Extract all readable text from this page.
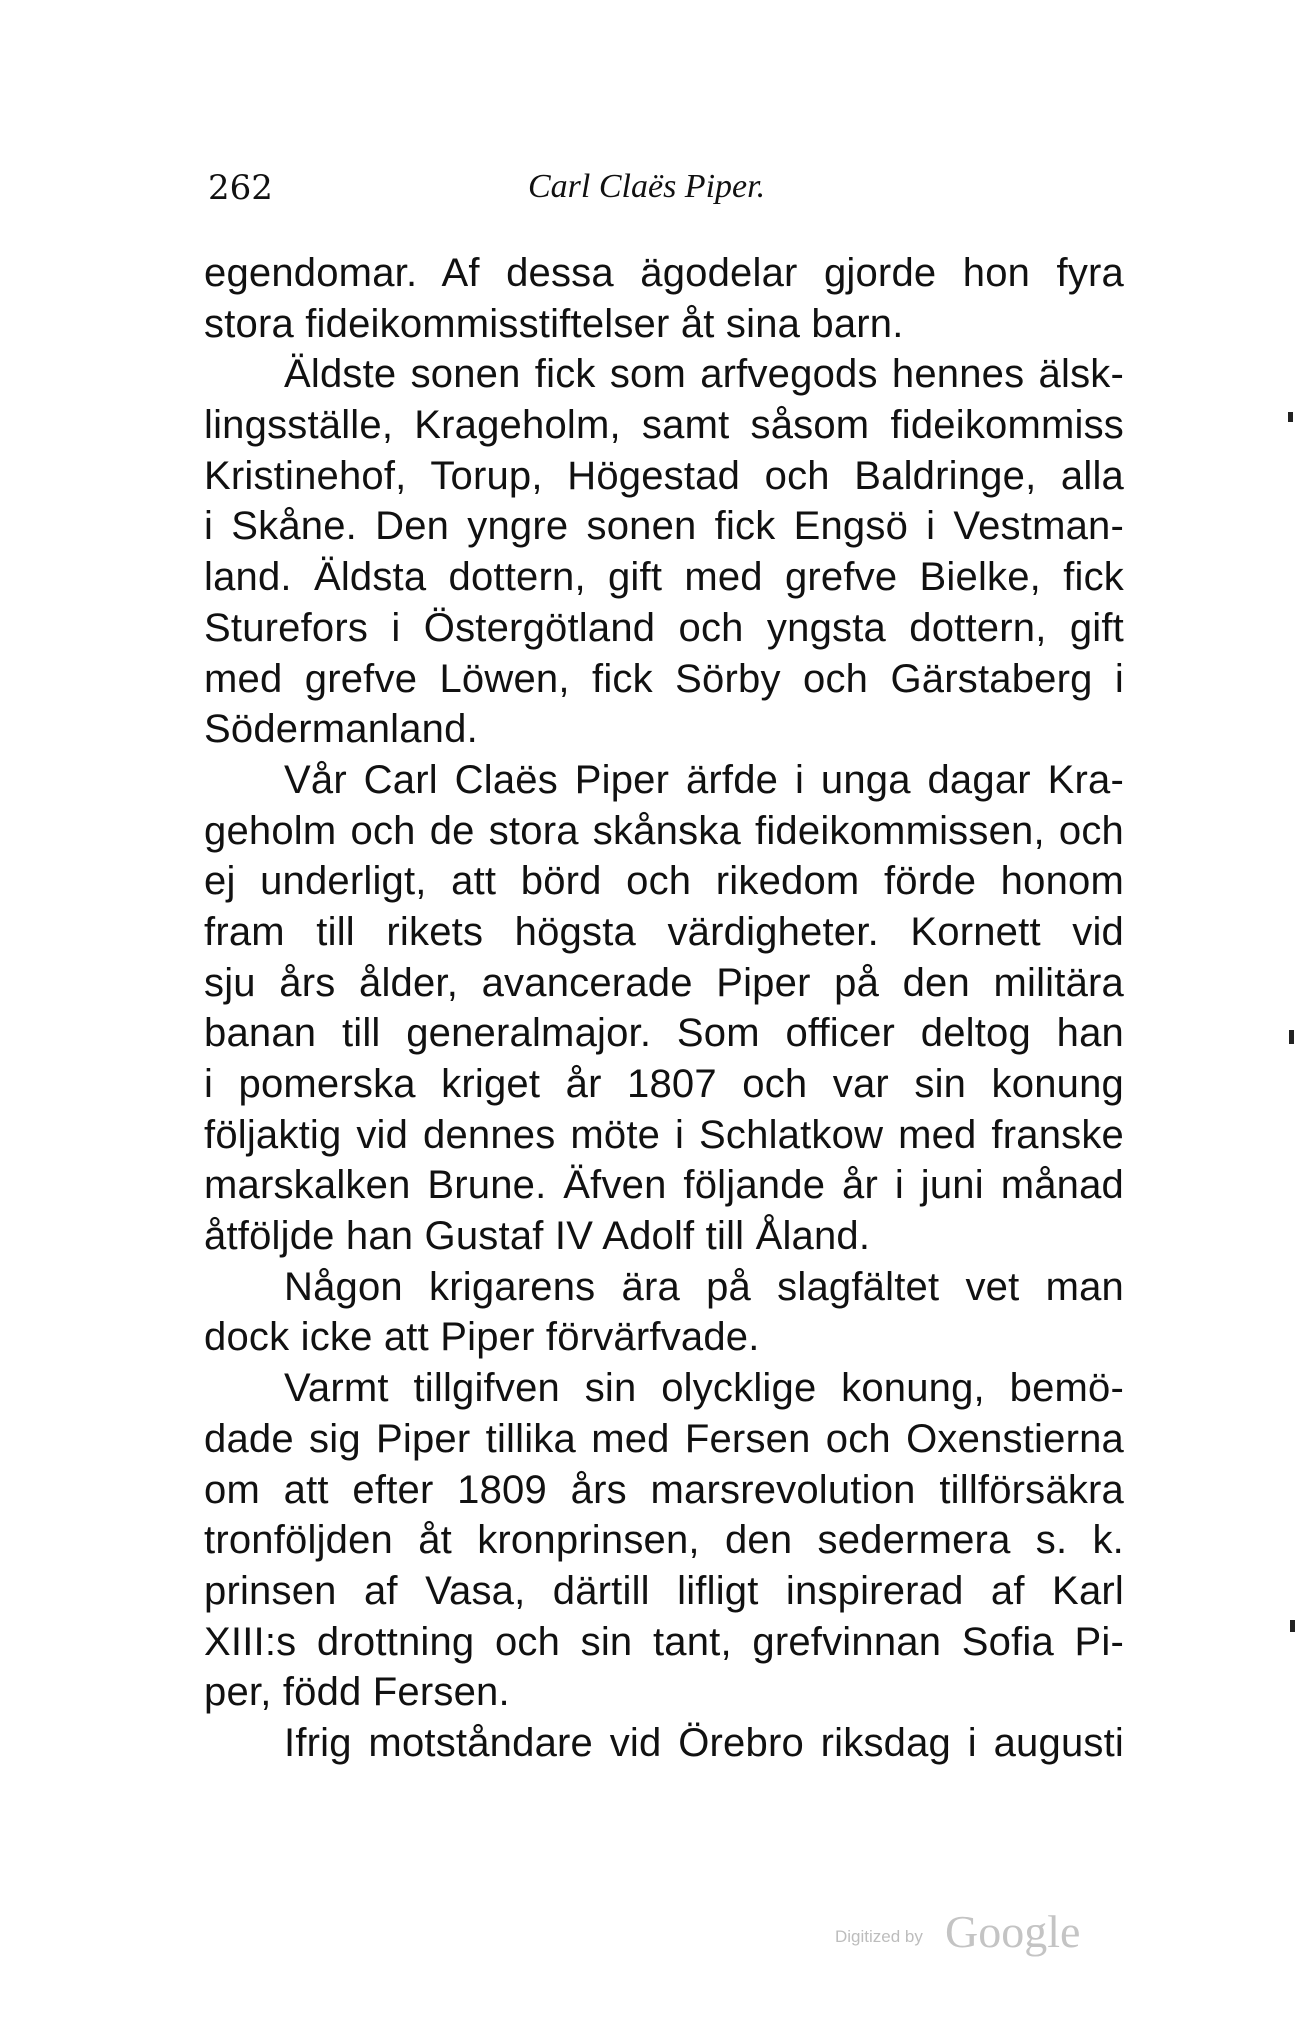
262	Carl Claës Piper.
egendomar. Af dessa ägodelar gjorde hon fyra
stora fideikommisstiftelser åt sina barn.
Äldste sonen fick som arfvegods hennes älsk-
lingsställe, Krageholm, samt såsom fideikommiss
Kristinehof, Torup, Högestad och Baldringe, alla
i Skåne. Den yngre sonen fick Engsö i Vestman-
land. Äldsta dottern, gift med grefve Bielke, fick
Sturefors i Östergötland och yngsta dottern, gift
med grefve Löwen, fick Sörby och Gärstaberg i
Södermanland.
Vår Carl Claës Piper ärfde i unga dagar Kra-
geholm och de stora skånska fideikommissen, och
ej underligt, att börd och rikedom förde honom
fram till rikets högsta värdigheter. Kornett vid
sju års ålder, avancerade Piper på den militära
banan till generalmajor. Som officer deltog han
i pomerska kriget år 1807 och var sin konung
följaktig vid dennes möte i Schlatkow med franske
marskalken Brune. Äfven följande år i juni månad
åtföljde han Gustaf IV Adolf till Åland.
Någon krigarens ära på slagfältet vet man
dock icke att Piper förvärfvade.
Varmt tillgifven sin olycklige konung, bemö-
dade sig Piper tillika med Fersen och Oxenstierna
om att efter 1809 års marsrevolution tillförsäkra
tronföljden åt kronprinsen, den sedermera s. k.
prinsen af Vasa, därtill lifligt inspirerad af Karl
XIII:s drottning och sin tant, grefvinnan Sofia Pi-
per, född Fersen.
Ifrig motståndare vid Örebro riksdag i augusti
Digitized by Google
